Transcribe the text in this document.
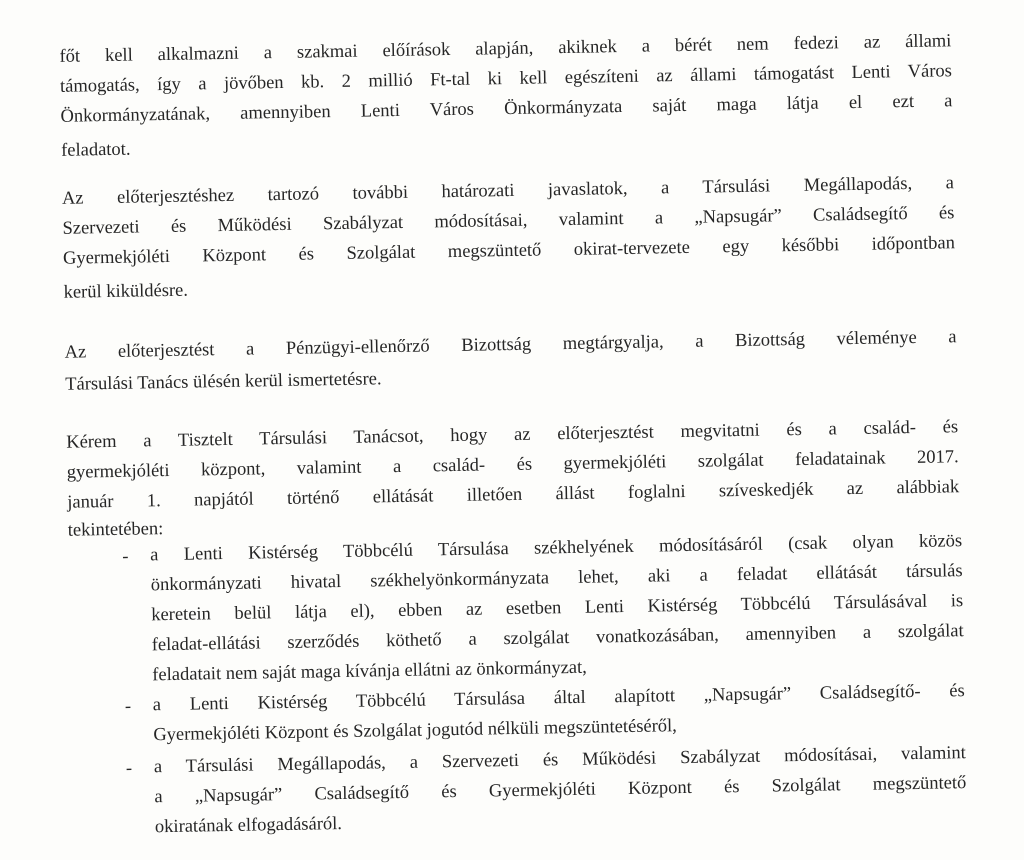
főt kell alkalmazni a szakmai előírások alapján, akiknek a bérét nem fedezi az állami
támogatás, így a jövőben kb. 2 millió Ft-tal ki kell egészíteni az állami támogatást Lenti Város
Önkormányzatának, amennyiben Lenti Város Önkormányzata saját maga látja el ezt a
feladatot.
Az előterjesztéshez tartozó további határozati javaslatok, a Társulási Megállapodás, a
Szervezeti és Működési Szabályzat módosításai, valamint a „Napsugár” Családsegítő és
Gyermekjóléti Központ és Szolgálat megszüntető okirat-tervezete egy későbbi időpontban
kerül kiküldésre.
Az előterjesztést a Pénzügyi-ellenőrző Bizottság megtárgyalja, a Bizottság véleménye a
Társulási Tanács ülésén kerül ismertetésre.
Kérem a Tisztelt Társulási Tanácsot, hogy az előterjesztést megvitatni és a család- és
gyermekjóléti központ, valamint a család- és gyermekjóléti szolgálat feladatainak 2017.
január 1. napjától történő ellátását illetően állást foglalni szíveskedjék az alábbiak
tekintetében:
- a Lenti Kistérség Többcélú Társulása székhelyének módosításáról (csak olyan közös
önkormányzati hivatal székhelyönkormányzata lehet, aki a feladat ellátását társulás
keretein belül látja el), ebben az esetben Lenti Kistérség Többcélú Társulásával is
feladat-ellátási szerződés köthető a szolgálat vonatkozásában, amennyiben a szolgálat
feladatait nem saját maga kívánja ellátni az önkormányzat,
- a Lenti Kistérség Többcélú Társulása által alapított „Napsugár” Családsegítő- és
Gyermekjóléti Központ és Szolgálat jogutód nélküli megszüntetéséről,
- a Társulási Megállapodás, a Szervezeti és Működési Szabályzat módosításai, valamint
a „Napsugár” Családsegítő és Gyermekjóléti Központ és Szolgálat megszüntető
okiratának elfogadásáról.
